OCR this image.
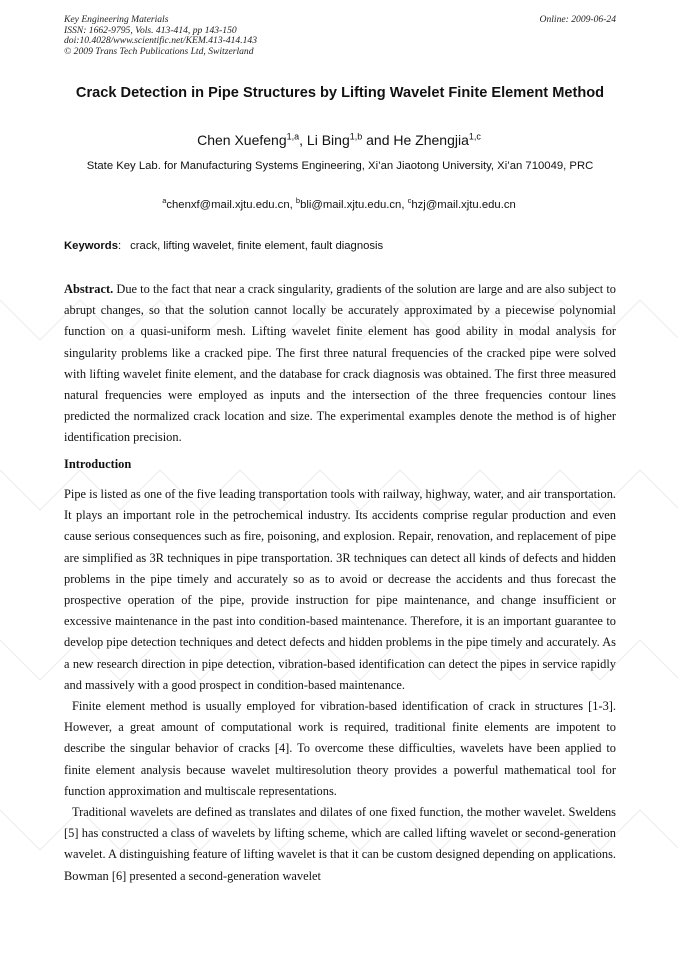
Key Engineering Materials
ISSN: 1662-9795, Vols. 413-414, pp 143-150
doi:10.4028/www.scientific.net/KEM.413-414.143
© 2009 Trans Tech Publications Ltd, Switzerland
Online: 2009-06-24
Crack Detection in Pipe Structures by Lifting Wavelet Finite Element Method
Chen Xuefeng$^{1,a}$, Li Bing$^{1,b}$ and He Zhengjia$^{1,c}$
State Key Lab. for Manufacturing Systems Engineering, Xi’an Jiaotong University, Xi’an 710049, PRC
$^a$chenxf@mail.xjtu.edu.cn, $^b$bli@mail.xjtu.edu.cn, $^c$hzj@mail.xjtu.edu.cn
Keywords: crack, lifting wavelet, finite element, fault diagnosis
Abstract. Due to the fact that near a crack singularity, gradients of the solution are large and are also subject to abrupt changes, so that the solution cannot locally be accurately approximated by a piecewise polynomial function on a quasi-uniform mesh. Lifting wavelet finite element has good ability in modal analysis for singularity problems like a cracked pipe. The first three natural frequencies of the cracked pipe were solved with lifting wavelet finite element, and the database for crack diagnosis was obtained. The first three measured natural frequencies were employed as inputs and the intersection of the three frequencies contour lines predicted the normalized crack location and size. The experimental examples denote the method is of higher identification precision.
Introduction

Pipe is listed as one of the five leading transportation tools with railway, highway, water, and air transportation. It plays an important role in the petrochemical industry. Its accidents comprise regular production and even cause serious consequences such as fire, poisoning, and explosion. Repair, renovation, and replacement of pipe are simplified as 3R techniques in pipe transportation. 3R techniques can detect all kinds of defects and hidden problems in the pipe timely and accurately so as to avoid or decrease the accidents and thus forecast the prospective operation of the pipe, provide instruction for pipe maintenance, and change insufficient or excessive maintenance in the past into condition-based maintenance. Therefore, it is an important guarantee to develop pipe detection techniques and detect defects and hidden problems in the pipe timely and accurately. As a new research direction in pipe detection, vibration-based identification can detect the pipes in service rapidly and massively with a good prospect in condition-based maintenance.

Finite element method is usually employed for vibration-based identification of crack in structures [1-3]. However, a great amount of computational work is required, traditional finite elements are impotent to describe the singular behavior of cracks [4]. To overcome these difficulties, wavelets have been applied to finite element analysis because wavelet multiresolution theory provides a powerful mathematical tool for function approximation and multiscale representations.

Traditional wavelets are defined as translates and dilates of one fixed function, the mother wavelet. Sweldens [5] has constructed a class of wavelets by lifting scheme, which are called lifting wavelet or second-generation wavelet. A distinguishing feature of lifting wavelet is that it can be custom designed depending on applications. Bowman [6] presented a second-generation wavelet
